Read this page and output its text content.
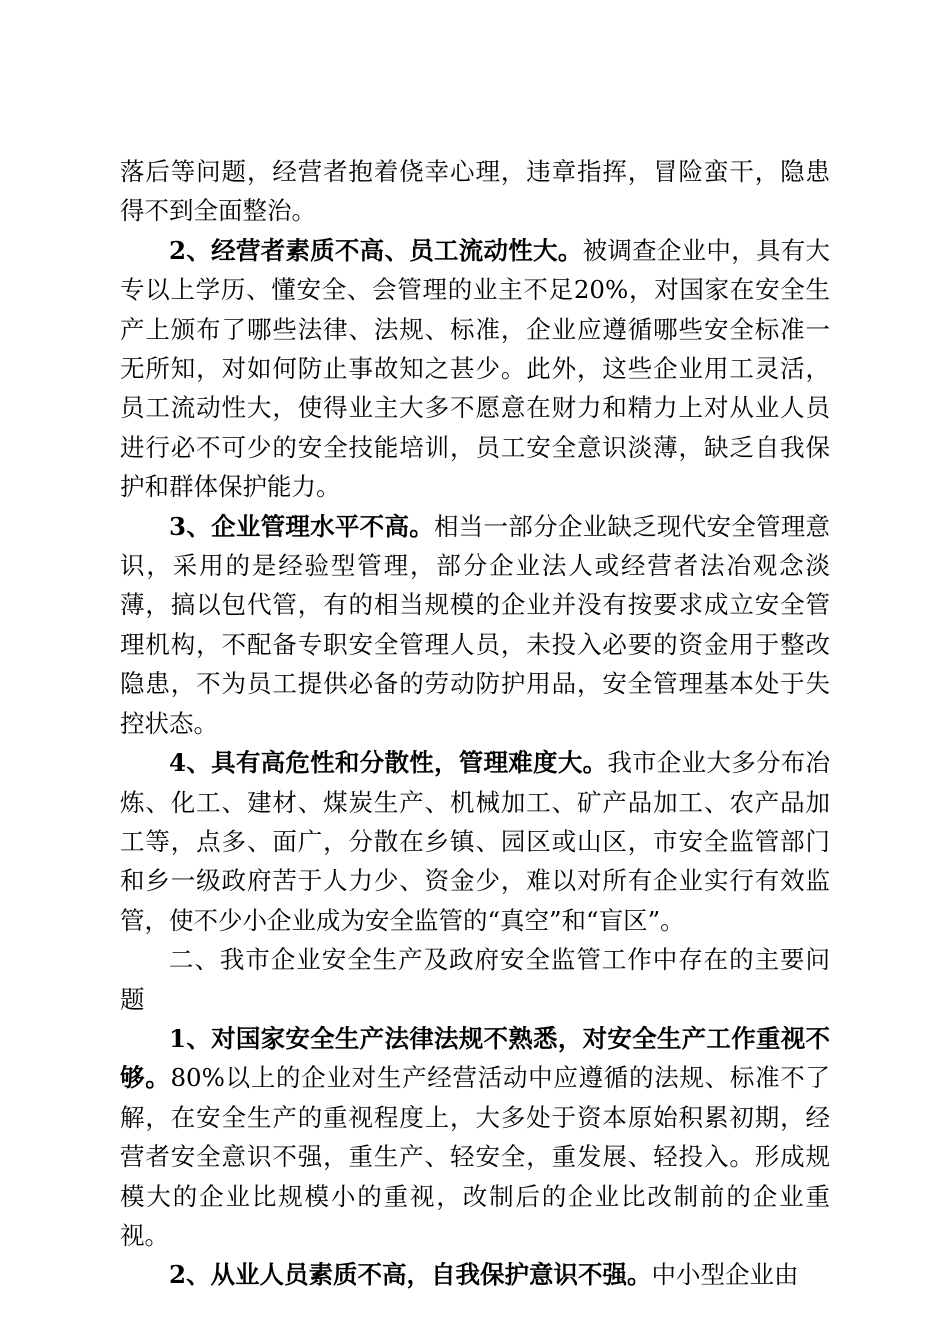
落后等问题，经营者抱着侥幸心理，违章指挥，冒险蛮干，隐患得不到全面整治。

2、经营者素质不高、员工流动性大。被调查企业中，具有大专以上学历、懂安全、会管理的业主不足20%，对国家在安全生产上颁布了哪些法律、法规、标准，企业应遵循哪些安全标准一无所知，对如何防止事故知之甚少。此外，这些企业用工灵活，员工流动性大，使得业主大多不愿意在财力和精力上对从业人员进行必不可少的安全技能培训，员工安全意识淡薄，缺乏自我保护和群体保护能力。

3、企业管理水平不高。相当一部分企业缺乏现代安全管理意识，采用的是经验型管理，部分企业法人或经营者法冶观念淡薄，搞以包代管，有的相当规模的企业并没有按要求成立安全管理机构，不配备专职安全管理人员，未投入必要的资金用于整改隐患，不为员工提供必备的劳动防护用品，安全管理基本处于失控状态。

4、具有高危性和分散性，管理难度大。我市企业大多分布冶炼、化工、建材、煤炭生产、机械加工、矿产品加工、农产品加工等，点多、面广，分散在乡镇、园区或山区，市安全监管部门和乡一级政府苦于人力少、资金少，难以对所有企业实行有效监管，使不少小企业成为安全监管的“真空”和“盲区”。

二、我市企业安全生产及政府安全监管工作中存在的主要问题

1、对国家安全生产法律法规不熟悉，对安全生产工作重视不够。80%以上的企业对生产经营活动中应遵循的法规、标准不了解，在安全生产的重视程度上，大多处于资本原始积累初期，经营者安全意识不强，重生产、轻安全，重发展、轻投入。形成规模大的企业比规模小的重视，改制后的企业比改制前的企业重视。

2、从业人员素质不高，自我保护意识不强。中小型企业由
